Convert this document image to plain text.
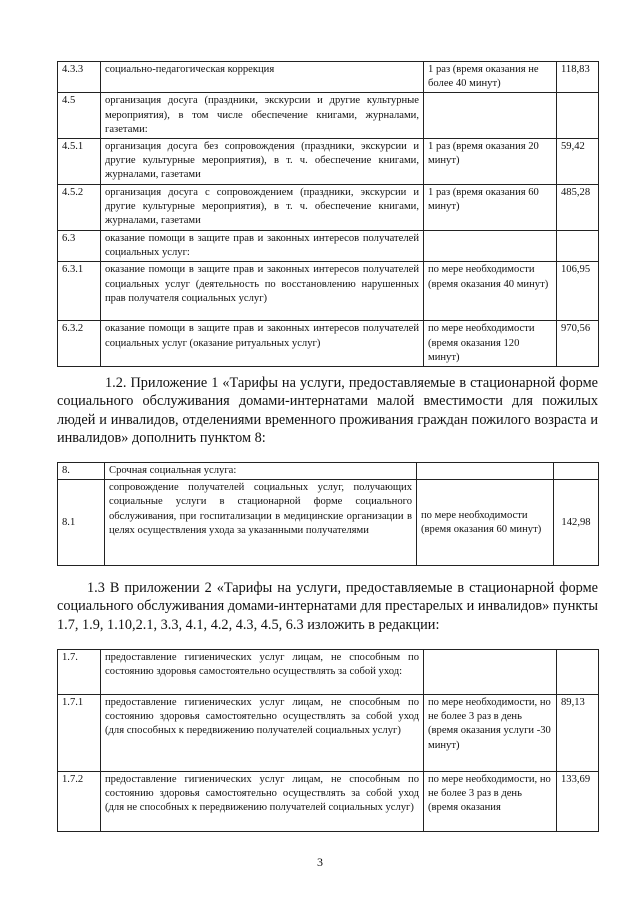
4.3.3	социально-педагогическая коррекция	1 раз (время оказания не более 40 минут)	118,83
4.5	организация досуга (праздники, экскурсии и другие культурные мероприятия), в том числе обеспечение книгами, журналами, газетами:		
4.5.1	организация досуга без сопровождения (праздники, экскурсии и другие культурные мероприятия), в т. ч. обеспечение книгами, журналами, газетами	1 раз (время оказания 20 минут)	59,42
4.5.2	организация досуга с сопровождением (праздники, экскурсии и другие культурные мероприятия), в т. ч. обеспечение книгами, журналами, газетами	1 раз (время оказания 60 минут)	485,28
6.3	оказание помощи в защите прав и законных интересов получателей социальных услуг:		
6.3.1	оказание помощи в защите прав и законных интересов получателей социальных услуг (деятельность по восстановлению нарушенных прав получателя социальных услуг)	по мере необходимости (время оказания 40 минут)	106,95
6.3.2	оказание помощи в защите прав и законных интересов получателей социальных услуг (оказание ритуальных услуг)	по мере необходимости (время оказания 120 минут)	970,56

1.2. Приложение 1 «Тарифы на услуги, предоставляемые в стационарной форме социального обслуживания домами-интернатами малой вместимости для пожилых людей и инвалидов, отделениями временного проживания граждан пожилого возраста и инвалидов» дополнить пунктом 8:

8.	Срочная социальная услуга:		
8.1	сопровождение получателей социальных услуг, получающих социальные услуги в стационарной форме социального обслуживания, при госпитализации в медицинские организации в целях осуществления ухода за указанными получателями	по мере необходимости (время оказания 60 минут)	142,98

1.3 В приложении 2 «Тарифы на услуги, предоставляемые в стационарной форме социального обслуживания домами-интернатами для престарелых и инвалидов» пункты 1.7, 1.9, 1.10,2.1, 3.3, 4.1, 4.2, 4.3, 4.5, 6.3 изложить в редакции:

1.7.	предоставление гигиенических услуг лицам, не способным по состоянию здоровья самостоятельно осуществлять за собой уход:		
1.7.1	предоставление гигиенических услуг лицам, не способным по состоянию здоровья самостоятельно осуществлять за собой уход (для способных к передвижению получателей социальных услуг)	по мере необходимости, но не более 3 раз в день (время оказания услуги -30 минут)	89,13
1.7.2	предоставление гигиенических услуг лицам, не способным по состоянию здоровья самостоятельно осуществлять за собой уход (для не способных к передвижению получателей социальных услуг)	по мере необходимости, но не более 3 раз в день (время оказания	133,69
3
